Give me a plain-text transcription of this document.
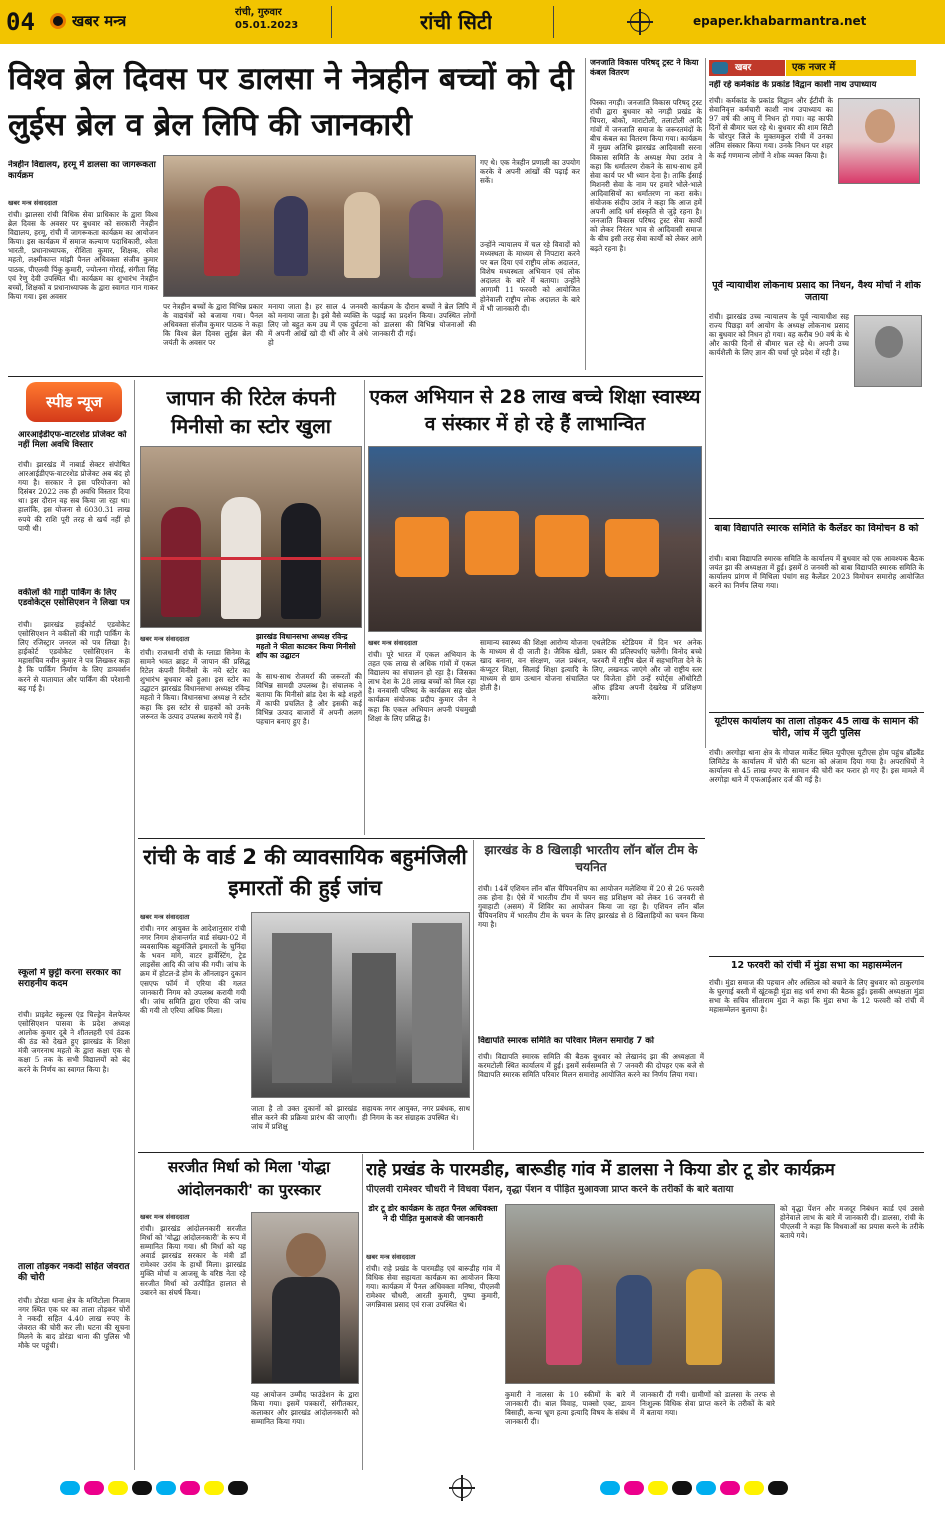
04 खबर मन्त्र	रांची, गुरुवार
05.01.2023	रांची सिटी	epaper.khabarmantra.net
विश्व ब्रेल दिवस पर डालसा ने नेत्रहीन बच्चों को दी लुईस ब्रेल व ब्रेल लिपि की जानकारी
नेत्रहीन विद्यालय, हरमू में डालसा का जागरूकता कार्यक्रम
खबर मन्त्र संवाददाता
रांची। झालसा रांची विधिक सेवा प्राधिकार के द्वारा विश्व ब्रेल दिवस के अवसर पर बुधवार को सरकारी नेत्रहीन विद्यालय, हरमू, रांची में जागरूकता कार्यक्रम का आयोजन किया। इस कार्यक्रम में समाज कल्याण पदाधिकारी, श्वेता भारती, प्रधानाध्यापक, रोशिता कुमार, शिक्षक, रमेश महतो, लक्ष्मीकान्त मांझी पैनल अधिवक्ता संजीव कुमार पाठक, पीएलवी पिंकू कुमारी, ज्योत्स्ना गोराई, संगीता सिंह एवं रेणु देवी उपस्थित थी। कार्यक्रम का शुभारंभ नेत्रहीन बच्चों, शिक्षकों व प्रधानाध्यापक के द्वारा स्वागत गान गाकर किया गया। इस अवसर
पर नेत्रहीन बच्चों के द्वारा विभिन्न प्रकार के वाद्ययंत्रों को बजाया गया। पैनल अधिवक्ता संजीव कुमार पाठक ने कहा कि विश्व ब्रेल दिवस लुईस ब्रेल की जयंती के अवसर पर
मनाया जाता है। हर साल 4 जनवरी को मनाया जाता है। इसे वैसे व्यक्ति के लिए जो बहुत कम उम्र में एक दुर्घटना में अपनी आंखें खो दी थीं और वे अंधे हो
कार्यक्रम के दौरान बच्चों ने ब्रेल लिपि में पढ़ाई का प्रदर्शन किया। उपस्थित लोगों को डालसा की विभिन्न योजनाओं की जानकारी दी गई।
गए थे। एक नेत्रहीन प्रणाली का उपयोग करके वे अपनी आंखों की पढ़ाई कर सकें।
उन्होंने न्यायालय में चल रहे विवादों को मध्यस्थता के माध्यम से निपटारा करने पर बल दिया एवं राष्ट्रीय लोक अदालत, विशेष मध्यस्थता अभियान एवं लोक अदालत के बारे में बताया। उन्होंने आगामी 11 फरवरी को आयोजित होनेवाली राष्ट्रीय लोक अदालत के बारे में भी जानकारी दी।
जनजाति विकास परिषद् ट्रस्ट ने किया कंबल वितरण
पिस्का नगड़ी। जनजाति विकास परिषद् ट्रस्ट रांची द्वारा बुधवार को नगड़ी प्रखंड के चिपरा, बोको, माराटोली, तलाटोली आदि गांवों में जनजाति समाज के जरूरतमंदों के बीच कंबल का वितरण किया गया। कार्यक्रम में मुख्य अतिथि झारखंड आदिवासी सरना विकास समिति के अध्यक्ष मेघा उरांव ने कहा कि धर्मांतरण रोकने के साथ-साथ हमें सेवा कार्य पर भी ध्यान देना है। ताकि ईसाई मिशनरी सेवा के नाम पर हमारे भोले-भाले आदिवासियों का धर्मांतरण ना करा सके। संयोजक संदीप उरांव ने कहा कि आज हमें अपनी आदि धर्म संस्कृति से जुड़े रहना है। जनजाति विकास परिषद ट्रस्ट सेवा कार्यों को लेकर निरंतर भाव से आदिवासी समाज के बीच इसी तरह सेवा कार्यों को लेकर आगे बढ़ते रहना है।
खबर	एक नजर में
नहीं रहे कर्मकांड के प्रकांड विद्वान काशी नाथ उपाध्याय
रांची। कर्मकांड के प्रकांड विद्वान और ईटीवी के सेवानिवृत्त कर्मचारी काशी नाथ उपाध्याय का 97 वर्ष की आयु में निधन हो गया। वह काफी दिनों से बीमार चल रहे थे। बुधवार की शाम सिटी के चोरपुर जिले के मुक्तमकुल रांची में उनका अंतिम संस्कार किया गया। उनके निधन पर शहर के कई गणमान्य लोगों ने शोक व्यक्त किया है।
पूर्व न्यायाधीश लोकनाथ प्रसाद का निधन, वैश्य मोर्चा ने शोक जताया
रांची। झारखंड उच्च न्यायालय के पूर्व न्यायाधीश सह राज्य पिछड़ा वर्ग आयोग के अध्यक्ष लोकनाथ प्रसाद का बुधवार को निधन हो गया। वह करीब 90 वर्ष के थे और काफी दिनों से बीमार चल रहे थे। अपनी उच्च कार्यशैली के लिए ज्ञान की चर्चा पूरे प्रदेश में रही है।
स्पीड न्यूज
आरआईडीएफ-वाटरशेड प्रोजेक्ट को नहीं मिला अवधि विस्तार
रांची। झारखंड में नाबार्ड सेक्टर संपोषित आरआईडीएफ-वाटरशेड प्रोजेक्ट अब बंद हो गया है। सरकार ने इस परियोजना को दिसंबर 2022 तक ही अवधि विस्तार दिया था। इस दौरान वह सब किया जा रहा था। हालांकि, इस योजना से 6030.31 लाख रुपये की राशि पूरी तरह से खर्च नहीं हो पायी थी।
वकीलों की गाड़ी पार्किंग के लिए एडवोकेट्स एसोसिएशन ने लिखा पत्र
रांची। झारखंड हाईकोर्ट एडवोकेट एसोसिएशन ने वकीलों की गाड़ी पार्किंग के लिए रजिस्ट्रार जनरल को पत्र लिखा है। हाईकोर्ट एडवोकेट एसोसिएशन के महासचिव नवीन कुमार ने पत्र लिखकर कहा है कि पार्किंग निर्माण के लिए डायवर्सन करने से यातायात और पार्किंग की परेशानी बढ़ गई है।
स्कूलों में छुट्टी करना सरकार का सराहनीय कदम
रांची। प्राइवेट स्कूल्स एंड चिल्ड्रेन वेलफेयर एसोसिएशन पासवा के प्रदेश अध्यक्ष आलोक कुमार दूबे ने शीतलहरी एवं ठंडक की ठंड को देखते हुए झारखंड के शिक्षा मंत्री जगरनाथ महतो के द्वारा कक्षा एक से कक्षा 5 तक के सभी विद्यालयों को बंद करने के निर्णय का स्वागत किया है।
ताला तोड़कर नकदी सहित जेवरात की चोरी
रांची। डोरंडा थाना क्षेत्र के मणिटोला निजाम नगर स्थित एक घर का ताला तोड़कर चोरों ने नकदी सहित 4.40 लाख रुपए के जेवरात की चोरी कर ली। घटना की सूचना मिलने के बाद डोरंडा थाना की पुलिस भी मौके पर पहुंची।
जापान की रिटेल कंपनी मिनीसो का स्टोर खुला
खबर मन्त्र संवाददाता	झारखंड विधानसभा अध्यक्ष रविन्द्र महतो ने फीता काटकर किया मिनीसो शॉप का उद्घाटन
रांची। राजधानी रांची के ग्लाडा सिनेमा के सामने भवत ब्राइट में जापान की प्रसिद्ध रिटेल कंपनी मिनीसो के नये स्टोर का शुभारंभ बुधवार को हुआ। इस स्टोर का उद्घाटन झारखंड विधानसभा अध्यक्ष रविन्द्र महतो ने किया। विधानसभा अध्यक्ष ने स्टोर कहा कि इस स्टोर से ग्राहकों को उनके जरूरत के उत्पाद उपलब्ध कराये गये हैं।
के साथ-साथ रोजमर्रा की जरूरतों की विभिन्न सामग्री उपलब्ध है। संचालक ने बताया कि मिनीसो ब्रांड देश के बड़े शहरों में काफी प्रचलित है और इसकी कई विभिन्न उत्पाद बाजारों में अपनी अलग पहचान बनाए हुए है।
एकल अभियान से 28 लाख बच्चे शिक्षा स्वास्थ्य व संस्कार में हो रहे हैं लाभान्वित
खबर मन्त्र संवाददाता
रांची। पूरे भारत में एकल अभियान के तहत एक लाख से अधिक गांवों में एकल विद्यालय का संचालन हो रहा है। जिसका लाभ देश के 28 लाख बच्चों को मिल रहा है। वनवासी परिषद के कार्यक्रम सह खेल कार्यक्रम संयोजक प्रदीप कुमार जैन ने कहा कि एकल अभियान अपनी पंचमुखी शिक्षा के लिए प्रसिद्ध है।
सामान्य स्वास्थ्य की शिक्षा आरोग्य योजना के माध्यम से दी जाती है। जैविक खेती, खाद बनाना, वन संरक्षण, जल प्रबंधन, कंप्यूटर शिक्षा, सिलाई शिक्षा इत्यादि के माध्यम से ग्राम उत्थान योजना संचालित होती है।
एथलेटिक स्टेडियम में दिन भर अनेक प्रकार की प्रतिस्पर्धाएं चलेंगी। विनोद बच्चे फरवरी में राष्ट्रीय खेल में सहभागिता देने के लिए, लखनऊ जाएंगे और जो राष्ट्रीय स्तर पर विजेता होंगे उन्हें स्पोर्ट्स ऑथोरिटी ऑफ इंडिया अपनी देखरेख में प्रशिक्षण करेगा।
बाबा विद्यापति स्मारक समिति के कैलेंडर का विमोचन 8 को
रांची। बाबा विद्यापति स्मारक समिति के कार्यालय में बुधवार को एक आवश्यक बैठक जयंत झा की अध्यक्षता में हुई। इसमें 8 जनवरी को बाबा विद्यापति स्मारक समिति के कार्यालय प्रांगण में मिथिला पंचांग सह कैलेंडर 2023 विमोचन समारोह आयोजित करने का निर्णय लिया गया।
यूटीएस कार्यालय का ताला तोड़कर 45 लाख के सामान की चोरी, जांच में जुटी पुलिस
रांची। अरगोड़ा थाना क्षेत्र के गोपाल मार्केट स्थित यूपीएस यूटीएस होम पहुंच ब्रॉडबैंड लिमिटेड के कार्यालय में चोरी की घटना को अंजाम दिया गया है। अपराधियों ने कार्यालय से 45 लाख रुपए के सामान की चोरी कर फरार हो गए हैं। इस मामले में अरगोड़ा थाने में एफआईआर दर्ज की गई है।
12 फरवरी को रांची में मुंडा सभा का महासम्मेलन
रांची। मुंडा समाज की पहचान और अस्तित्व को बचाने के लिए बुधवार को ठाकुरगांव के घुरगाई बस्ती में खूंटकट्टी मुंडा सह धर्म सभा की बैठक हुई। इसकी अध्यक्षता मुंडा सभा के सचिव सीताराम मुंडा ने कहा कि मुंडा सभा के 12 फरवरी को रांची में महासम्मेलन बुलाया है।
रांची के वार्ड 2 की व्यावसायिक बहुमंजिली इमारतों की हुई जांच
खबर मन्त्र संवाददाता
रांची। नगर आयुक्त के आदेशानुसार रांची नगर निगम क्षेत्रान्तर्गत वार्ड संख्या-02 में व्यवसायिक बहुमंजिले इमारतों के चुनिंदा के भवन मांगे, वाटर हार्वेस्टिंग, ट्रेड लाइसेंस आदि की जांच की गयी। जांच के क्रम में होटल-डे होम के ऑनलाइन दुकान एसएफ फॉर्म में एरिया की गलत जानकारी निगम को उपलब्ध करायी गयी थी। जांच समिति द्वारा एरिया की जांच की गयी तो एरिया अधिक मिला।
जाता है तो उक्त दुकानों को झारखंड सील करने की प्रक्रिया प्रारंभ की जाएगी। जांच में प्रशिक्षु
सहायक नगर आयुक्त, नगर प्रबंधक, साथ ही निगम के कर संग्राहक उपस्थित थे।
झारखंड के 8 खिलाड़ी भारतीय लॉन बॉल टीम के चयनित
रांची। 14वें एशियन लॉन बॉल चैंपियनशिप का आयोजन मलेशिया में 20 से 26 फरवरी तक होना है। ऐसे में भारतीय टीम में चयन सह प्रशिक्षण को लेकर 16 जनवरी से गुवाहाटी (असम) में शिविर का आयोजन किया जा रहा है। एशियन लॉन बॉल चैंपियनशिप में भारतीय टीम के चयन के लिए झारखंड से 8 खिलाड़ियों का चयन किया गया है।
विद्यापति स्मारक समिति का परिवार मिलन समारोह 7 को
रांची। विद्यापति स्मारक समिति की बैठक बुधवार को लेखानंद झा की अध्यक्षता में करमटोली स्थित कार्यालय में हुई। इसमें सर्वसम्मति से 7 जनवरी की दोपहर एक बजे से विद्यापति स्मारक समिति परिवार मिलन समारोह आयोजित करने का निर्णय लिया गया।
सरजीत मिर्धा को मिला 'योद्धा आंदोलनकारी' का पुरस्कार
खबर मन्त्र संवाददाता
रांची। झारखंड आंदोलनकारी सरजीत मिर्धा को 'योद्धा आंदोलनकारी' के रूप में सम्मानित किया गया। श्री मिर्धा को यह अवार्ड झारखंड सरकार के मंत्री डॉ रामेश्वर उरांव के हाथों मिला। झारखंड मुक्ति मोर्चा व आजसू के वरिष्ठ नेता रहे सरजीत मिर्धा को उत्पीड़ित हालात से उबारने का संघर्ष किया।
यह आयोजन उम्मीद फाउंडेशन के द्वारा किया गया। इसमें पत्रकारों, संगीतकार, कलाकार और झारखंड आंदोलनकारी को सम्मानित किया गया।
राहे प्रखंड के पारमडीह, बारूडीह गांव में डालसा ने किया डोर टू डोर कार्यक्रम
पीएलवी रामेश्वर चौधरी ने विधवा पेंशन, वृद्धा पेंशन व पीड़ित मुआवजा प्राप्त करने के तरीकों के बारे बताया
डोर टू डोर कार्यक्रम के तहत पैनल अधिवक्ता ने दी पीड़ित मुआवजे की जानकारी
खबर मन्त्र संवाददाता
रांची। राहे प्रखंड के पारमडीह एवं बारूडीह गांव में विधिक सेवा सहायता कार्यक्रम का आयोजन किया गया। कार्यक्रम में पैनल अधिवक्ता मनिषा, पीएलवी रामेश्वर चौधरी, आरती कुमारी, पुष्पा कुमारी, जगन्निवास प्रसाद एवं राजा उपस्थित थे।
कुमारी ने नालसा के 10 स्कीमों के बारे में जानकारी दी। बाल विवाह, पाक्सो एक्ट, डायन बिसाही, कन्या भ्रूण हत्या इत्यादि विषय के संबंध में जानकारी दी।
जानकारी दी गयी। ग्रामीणों को डालसा के तरफ से निःशुल्क विधिक सेवा प्राप्त करने के तरीकों के बारे में बताया गया।
को वृद्धा पेंशन और मजदूर निबंधन कार्ड एवं उससे होनेवाले लाभ के बारे में जानकारी दी। डालसा, रांची के पीएलवी ने कहा कि विधवाओं का प्रयास करने के तरीके बताये गये।
